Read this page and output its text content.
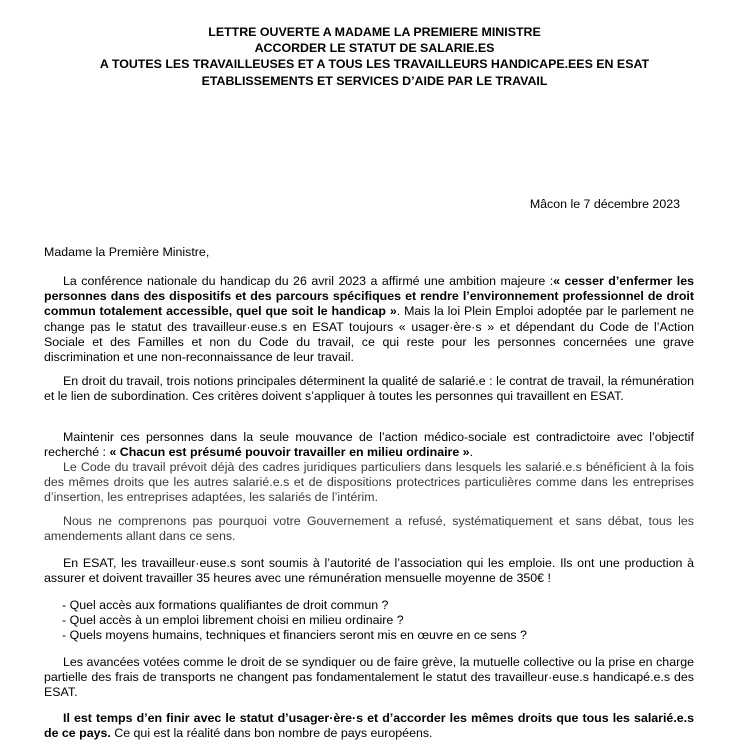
LETTRE OUVERTE A MADAME LA PREMIERE MINISTRE
ACCORDER LE STATUT DE SALARIE.ES
A TOUTES LES TRAVAILLEUSES ET A TOUS LES TRAVAILLEURS HANDICAPE.EES EN ESAT
ETABLISSEMENTS ET SERVICES D’AIDE PAR LE TRAVAIL
Mâcon le 7 décembre 2023
Madame la Première Ministre,

La conférence nationale du handicap du 26 avril 2023 a affirmé une ambition majeure :« cesser d’enfermer les personnes dans des dispositifs et des parcours spécifiques et rendre l’environnement professionnel de droit commun totalement accessible, quel que soit le handicap ». Mais la loi Plein Emploi adoptée par le parlement ne change pas le statut des travailleur·euse.s en ESAT toujours « usager·ère·s » et dépendant du Code de l’Action Sociale et des Familles et non du Code du travail, ce qui reste pour les personnes concernées une grave discrimination et une non-reconnaissance de leur travail.

En droit du travail, trois notions principales déterminent la qualité de salarié.e : le contrat de travail, la rémunération et le lien de subordination. Ces critères doivent s’appliquer à toutes les personnes qui travaillent en ESAT.

Maintenir ces personnes dans la seule mouvance de l’action médico-sociale est contradictoire avec l’objectif recherché : « Chacun est présumé pouvoir travailler en milieu ordinaire ».

Le Code du travail prévoit déjà des cadres juridiques particuliers dans lesquels les salarié.e.s bénéficient à la fois des mêmes droits que les autres salarié.e.s et de dispositions protectrices particulières comme dans les entreprises d’insertion, les entreprises adaptées, les salariés de l’intérim.

Nous ne comprenons pas pourquoi votre Gouvernement a refusé, systématiquement et sans débat, tous les amendements allant dans ce sens.

En ESAT, les travailleur·euse.s sont soumis à l’autorité de l’association qui les emploie. Ils ont une production à assurer et doivent travailler 35 heures avec une rémunération mensuelle moyenne de 350€ !

- Quel accès aux formations qualifiantes de droit commun ?
- Quel accès à un emploi librement choisi en milieu ordinaire ?
- Quels moyens humains, techniques et financiers seront mis en œuvre en ce sens ?

Les avancées votées comme le droit de se syndiquer ou de faire grève, la mutuelle collective ou la prise en charge partielle des frais de transports ne changent pas fondamentalement le statut des travailleur·euse.s handicapé.e.s des ESAT.

Il est temps d’en finir avec le statut d’usager·ère·s et d’accorder les mêmes droits que tous les salarié.e.s de ce pays. Ce qui est la réalité dans bon nombre de pays européens.
